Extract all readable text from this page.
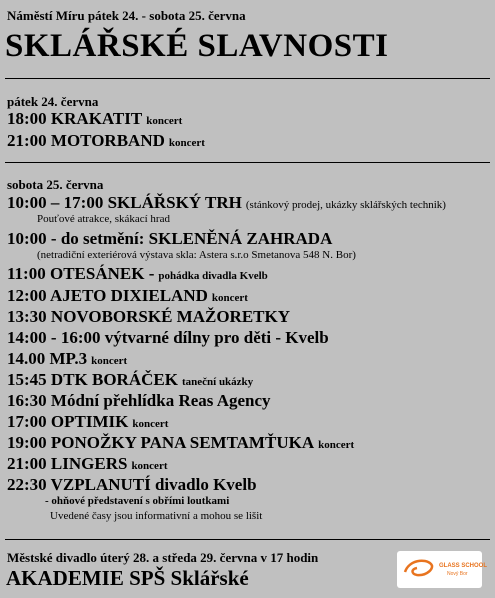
Náměstí Míru pátek 24. - sobota 25. června
SKLÁŘSKÉ SLAVNOSTI
pátek 24. června
18:00 KRAKATIT koncert
21:00 MOTORBAND koncert
sobota 25. června
10:00 – 17:00 SKLÁŘSKÝ TRH (stánkový prodej, ukázky sklářských technik)
Pouťové atrakce, skákací hrad
10:00 - do setmění: SKLENĚNÁ ZAHRADA
(netradiční exteriérová výstava skla: Astera s.r.o Smetanova 548 N. Bor)
11:00 OTESÁNEK - pohádka divadla Kvelb
12:00 AJETO DIXIELAND koncert
13:30 NOVOBORSKÉ MAŽORETKY
14:00 - 16:00 výtvarné dílny pro děti - Kvelb
14.00 MP.3 koncert
15:45 DTK BORÁČEK taneční ukázky
16:30 Módní přehlídka Reas Agency
17:00 OPTIMIK koncert
19:00 PONOŽKY PANA SEMTAMŤUKA koncert
21:00 LINGERS koncert
22:30 VZPLANUTÍ divadlo Kvelb
- ohňové představení s obřími loutkami
Uvedené časy jsou informativní a mohou se lišit
Městské divadlo úterý 28. a středa 29. června v 17 hodin
AKADEMIE SPŠ Sklářské	GLASS SCHOOL
Nový Bor
